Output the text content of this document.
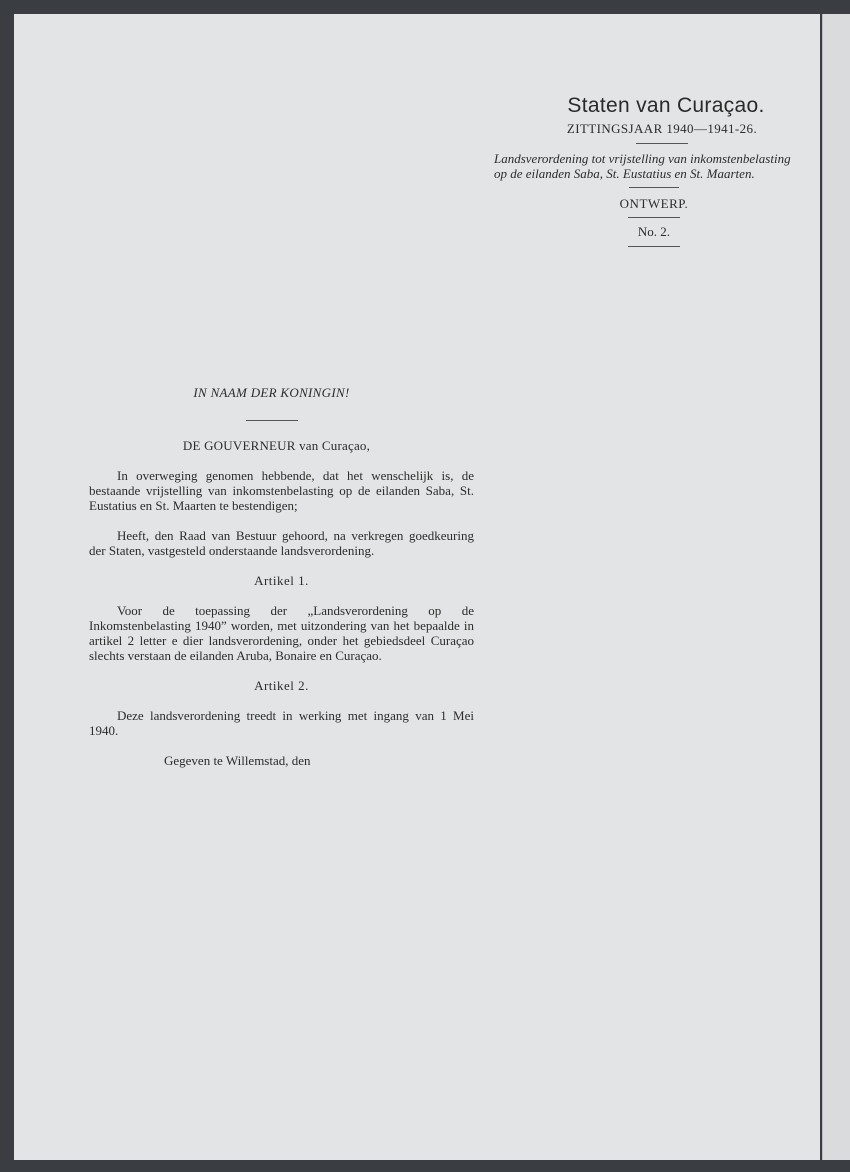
Staten van Curaçao.
ZITTINGSJAAR 1940—1941-26.
Landsverordening tot vrijstelling van inkomstenbelasting op de eilanden Saba, St. Eustatius en St. Maarten.
ONTWERP.
No. 2.
IN NAAM DER KONINGIN!
DE GOUVERNEUR van Curaçao,

In overweging genomen hebbende, dat het wenschelijk is, de bestaande vrijstelling van inkomstenbelasting op de eilanden Saba, St. Eustatius en St. Maarten te bestendigen;

Heeft, den Raad van Bestuur gehoord, na verkregen goedkeuring der Staten, vastgesteld onderstaande landsverordening.

Artikel 1.

Voor de toepassing der „Landsverordening op de Inkomstenbelasting 1940” worden, met uitzondering van het bepaalde in artikel 2 letter e dier landsverordening, onder het gebiedsdeel Curaçao slechts verstaan de eilanden Aruba, Bonaire en Curaçao.

Artikel 2.

Deze landsverordening treedt in werking met ingang van 1 Mei 1940.

Gegeven te Willemstad, den
